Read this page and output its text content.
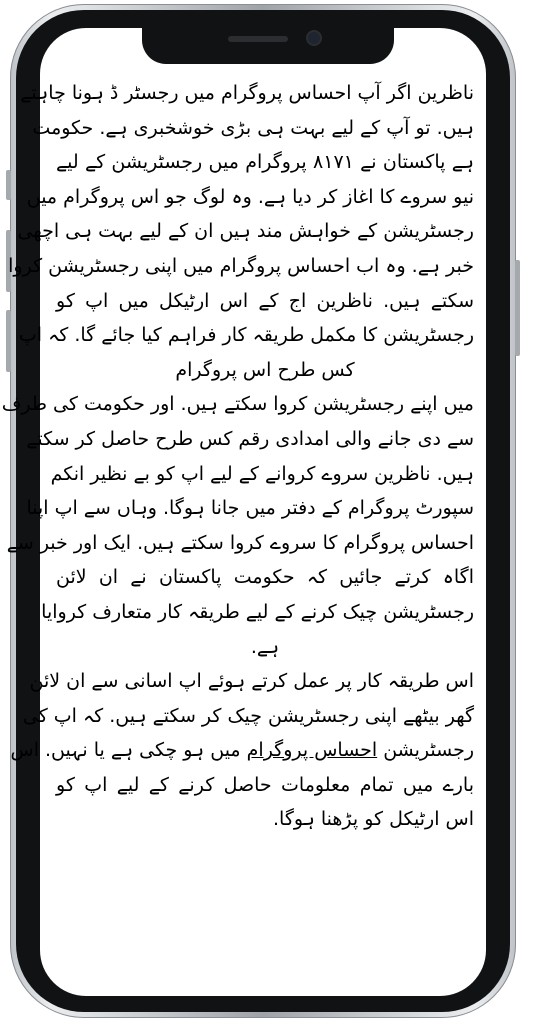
ناظرین اگر آپ احساس پروگرام میں رجسٹر ڈ ہونا چاہتے
ہیں. تو آپ کے لیے بہت ہی بڑی خوشخبری ہے. حکومت
ہے پاکستان نے ٨١٧١ پروگرام میں رجسٹریشن کے لیے
نیو سروے کا اغاز کر دیا ہے. وہ لوگ جو اس پروگرام میں
رجسٹریشن کے خواہش مند ہیں ان کے لیے بہت ہی اچھی
خبر ہے. وہ اب احساس پروگرام میں اپنی رجسٹریشن کروا
سکتے ہیں. ناظرین اج کے اس ارٹیکل میں اپ کو
رجسٹریشن کا مکمل طریقہ کار فراہم کیا جائے گا. کہ اپ
کس طرح اس پروگرام
میں اپنے رجسٹریشن کروا سکتے ہیں. اور حکومت کی طرف
سے دی جانے والی امدادی رقم کس طرح حاصل کر سکتے
ہیں. ناظرین سروے کروانے کے لیے اپ کو بے نظیر انکم
سپورٹ پروگرام کے دفتر میں جانا ہوگا. وہاں سے اپ اپنا
احساس پروگرام کا سروے کروا سکتے ہیں. ایک اور خبر سے
اگاہ کرتے جائیں کہ حکومت پاکستان نے ان لائن
رجسٹریشن چیک کرنے کے لیے طریقہ کار متعارف کروایا
ہے.
اس طریقہ کار پر عمل کرتے ہوئے اپ اسانی سے ان لائن
گھر بیٹھے اپنی رجسٹریشن چیک کر سکتے ہیں. کہ اپ کی
رجسٹریشن احساس پروگرام میں ہو چکی ہے یا نہیں. اس
بارے میں تمام معلومات حاصل کرنے کے لیے اپ کو
اس ارٹیکل کو پڑھنا ہوگا.
